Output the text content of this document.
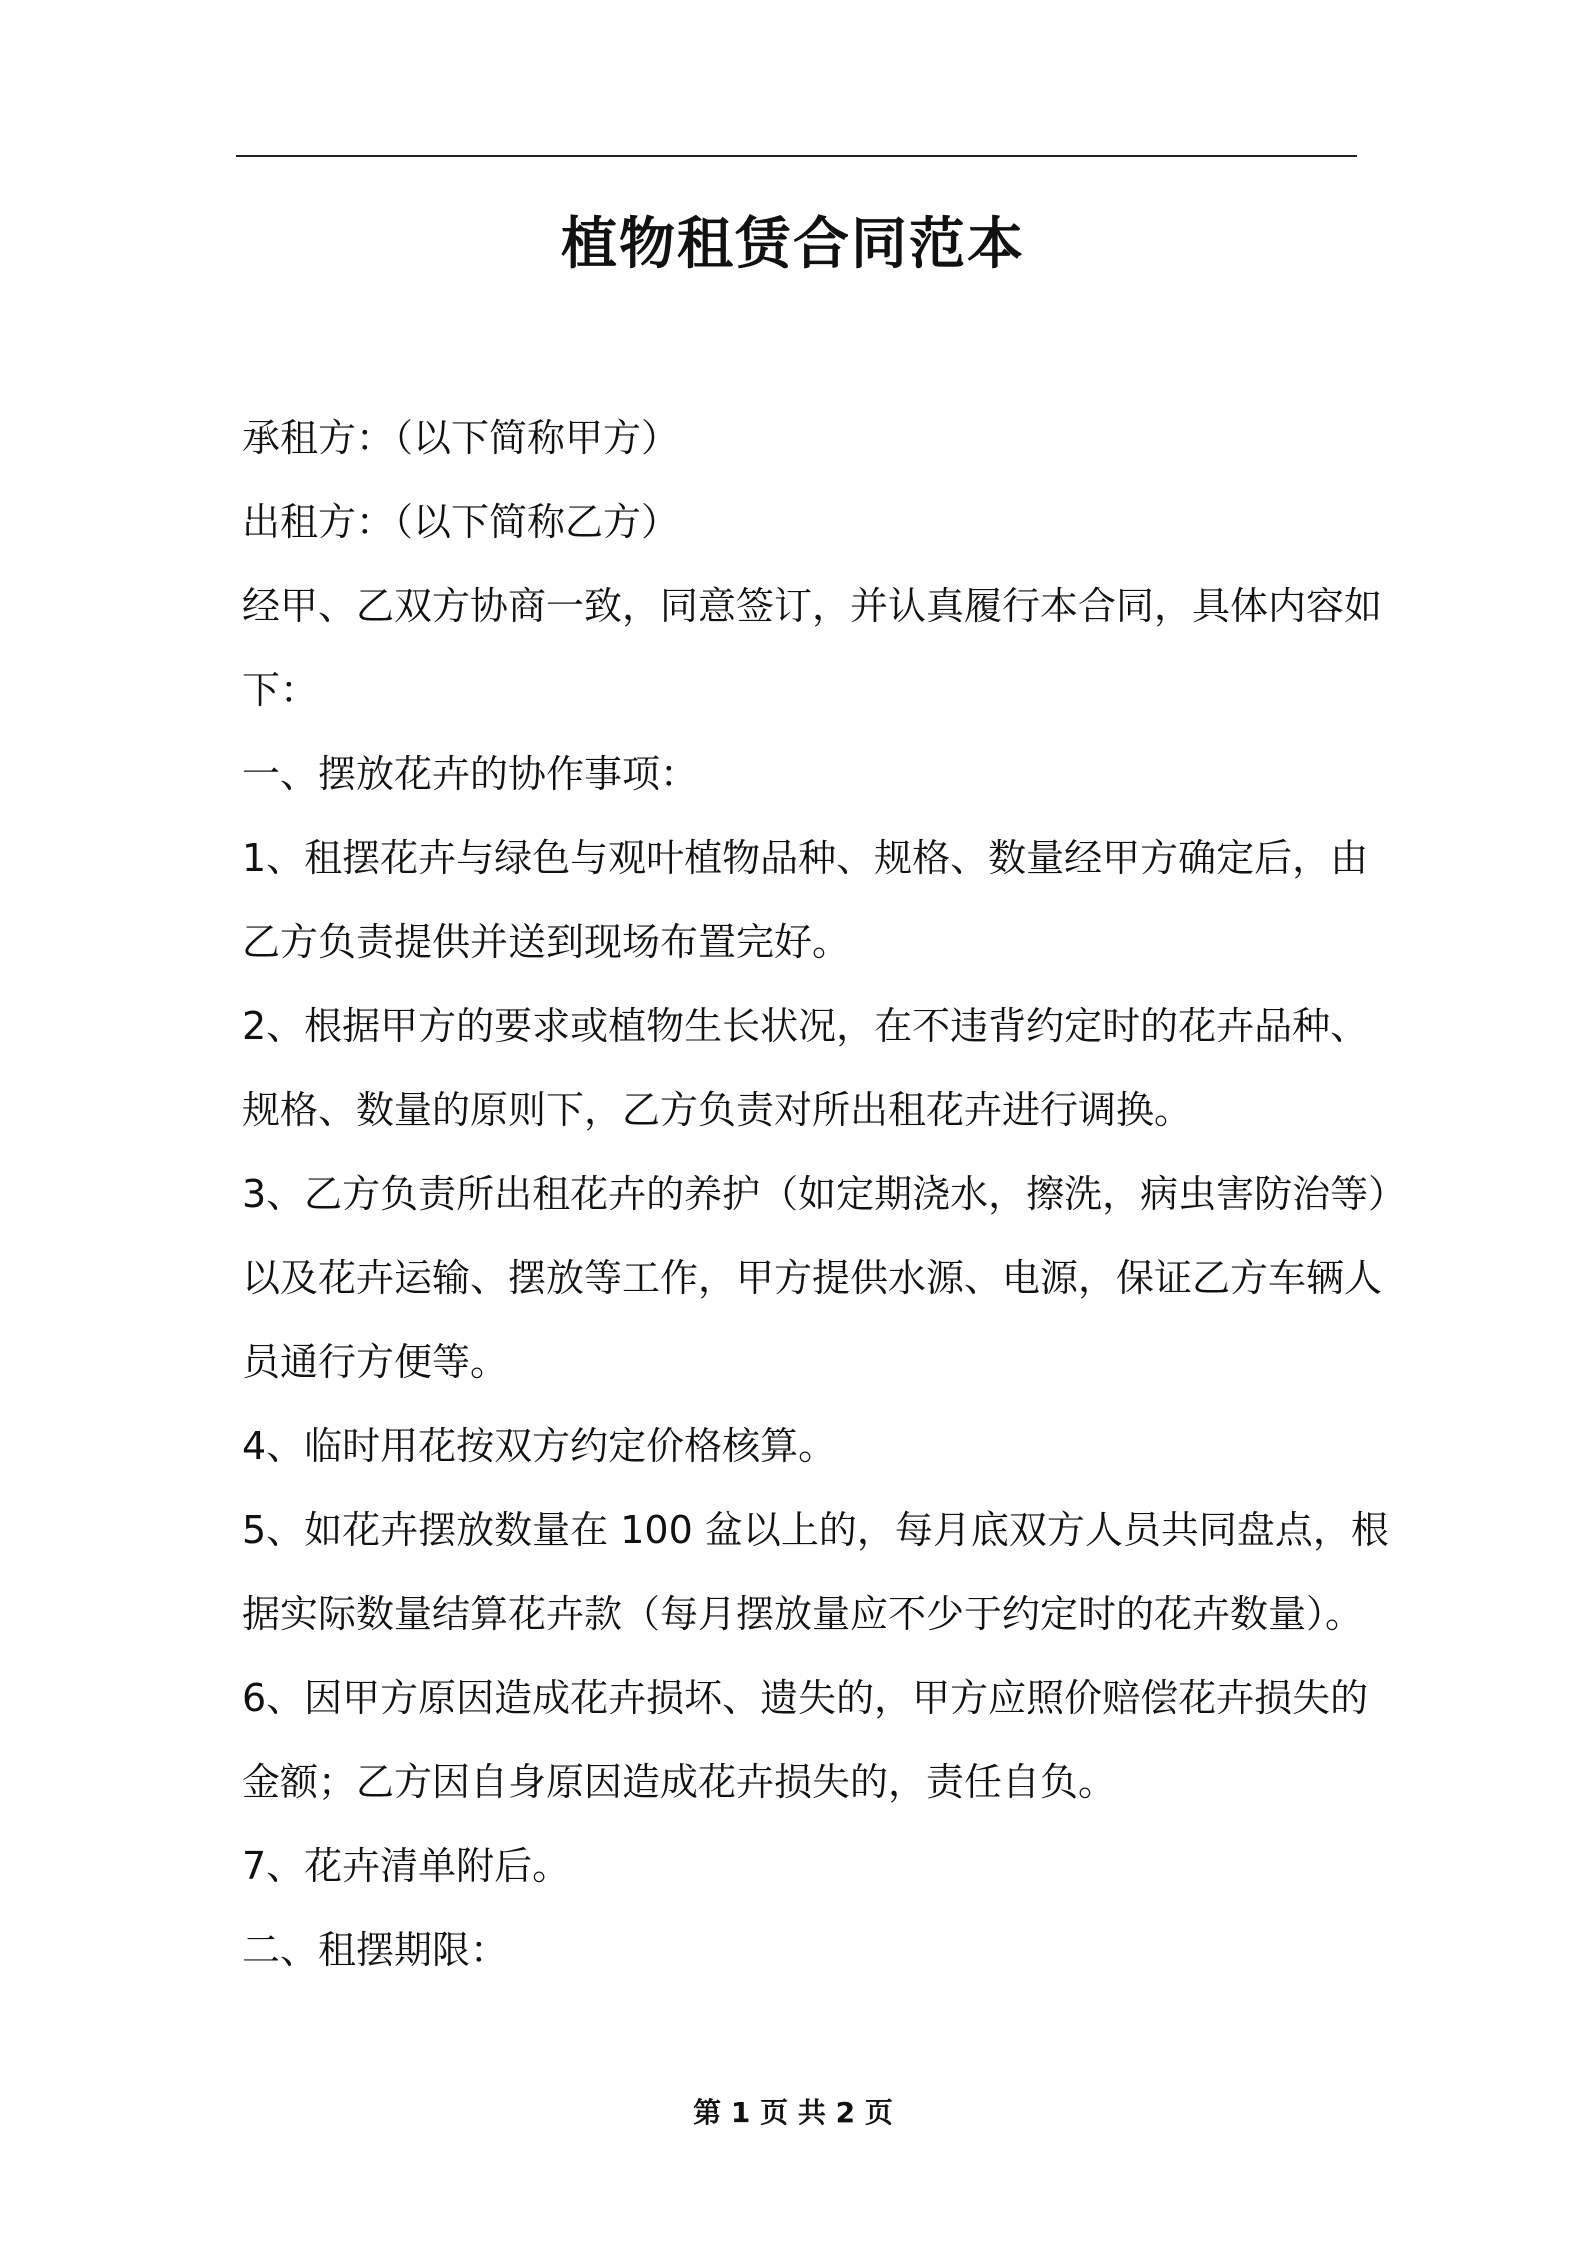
植物租赁合同范本
承租方：（以下简称甲方）
出租方：（以下简称乙方）
经甲、乙双方协商一致，同意签订，并认真履行本合同，具体内容如
下：
一、摆放花卉的协作事项：
1、租摆花卉与绿色与观叶植物品种、规格、数量经甲方确定后，由
乙方负责提供并送到现场布置完好。
2、根据甲方的要求或植物生长状况，在不违背约定时的花卉品种、
规格、数量的原则下，乙方负责对所出租花卉进行调换。
3、乙方负责所出租花卉的养护（如定期浇水，擦洗，病虫害防治等）
以及花卉运输、摆放等工作，甲方提供水源、电源，保证乙方车辆人
员通行方便等。
4、临时用花按双方约定价格核算。
5、如花卉摆放数量在 100 盆以上的，每月底双方人员共同盘点，根
据实际数量结算花卉款（每月摆放量应不少于约定时的花卉数量）。
6、因甲方原因造成花卉损坏、遗失的，甲方应照价赔偿花卉损失的
金额；乙方因自身原因造成花卉损失的，责任自负。
7、花卉清单附后。
二、租摆期限：
第 1 页 共 2 页
